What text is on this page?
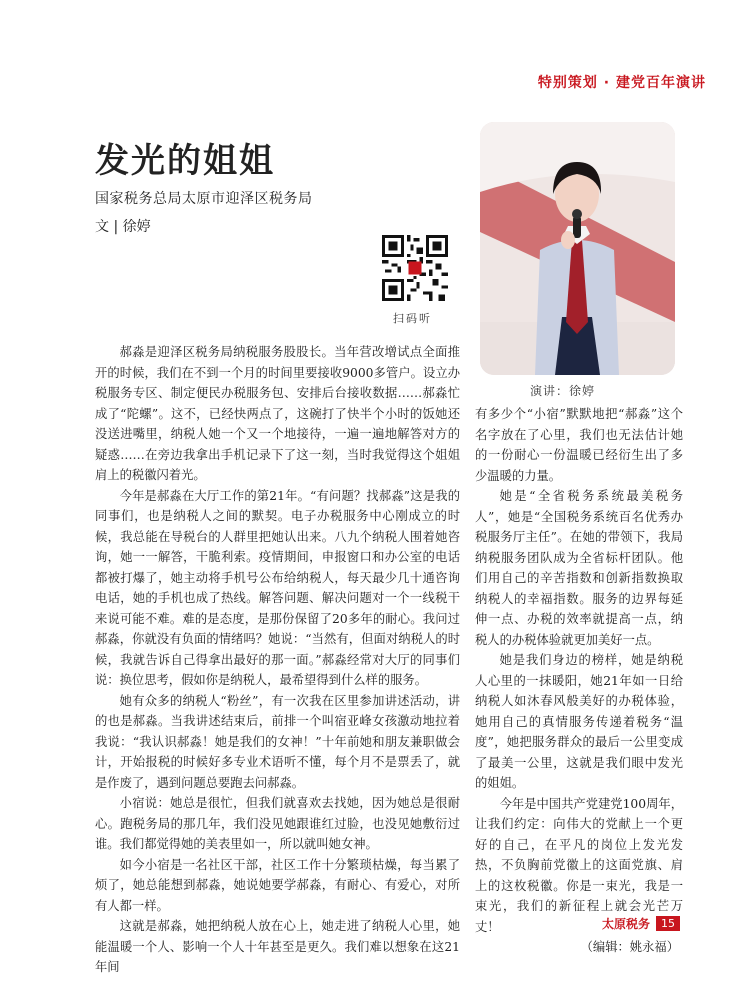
特别策划 · 建党百年演讲
发光的姐姐
国家税务总局太原市迎泽区税务局
文 | 徐婷
扫码听
演讲：徐婷

郝淼是迎泽区税务局纳税服务股股长。当年营改增试点全面推开的时候，我们在不到一个月的时间里要接收9000多管户。设立办税服务专区、制定便民办税服务包、安排后台接收数据……郝淼忙成了“陀螺”。这不，已经快两点了，这碗打了快半个小时的饭她还没送进嘴里，纳税人她一个又一个地接待，一遍一遍地解答对方的疑惑……在旁边我拿出手机记录下了这一刻，当时我觉得这个姐姐肩上的税徽闪着光。

今年是郝淼在大厅工作的第21年。“有问题？找郝淼”这是我的同事们，也是纳税人之间的默契。电子办税服务中心刚成立的时候，我总能在导税台的人群里把她认出来。八九个纳税人围着她咨询，她一一解答，干脆利索。疫情期间，申报窗口和办公室的电话都被打爆了，她主动将手机号公布给纳税人，每天最少几十通咨询电话，她的手机也成了热线。解答问题、解决问题对一个一线税干来说可能不难。难的是态度，是那份保留了20多年的耐心。我问过郝淼，你就没有负面的情绪吗？她说：“当然有，但面对纳税人的时候，我就告诉自己得拿出最好的那一面。”郝淼经常对大厅的同事们说：换位思考，假如你是纳税人，最希望得到什么样的服务。

她有众多的纳税人“粉丝”，有一次我在区里参加讲述活动，讲的也是郝淼。当我讲述结束后，前排一个叫宿亚峰女孩激动地拉着我说：“我认识郝淼！她是我们的女神！”十年前她和朋友兼职做会计，开始报税的时候好多专业术语听不懂，每个月不是票丢了，就是作废了，遇到问题总要跑去问郝淼。

小宿说：她总是很忙，但我们就喜欢去找她，因为她总是很耐心。跑税务局的那几年，我们没见她跟谁红过脸，也没见她敷衍过谁。我们都觉得她的美表里如一，所以就叫她女神。

如今小宿是一名社区干部，社区工作十分繁琐枯燥，每当累了烦了，她总能想到郝淼，她说她要学郝淼，有耐心、有爱心，对所有人都一样。

这就是郝淼，她把纳税人放在心上，她走进了纳税人心里，她能温暖一个人、影响一个人十年甚至是更久。我们难以想象在这21年间

有多少个“小宿”默默地把“郝淼”这个名字放在了心里，我们也无法估计她的一份耐心一份温暖已经衍生出了多少温暖的力量。

她是“全省税务系统最美税务人”，她是“全国税务系统百名优秀办税服务厅主任”。在她的带领下，我局纳税服务团队成为全省标杆团队。他们用自己的辛苦指数和创新指数换取纳税人的幸福指数。服务的边界每延伸一点、办税的效率就提高一点，纳税人的办税体验就更加美好一点。

她是我们身边的榜样，她是纳税人心里的一抹暖阳，她21年如一日给纳税人如沐春风般美好的办税体验，她用自己的真情服务传递着税务“温度”，她把服务群众的最后一公里变成了最美一公里，这就是我们眼中发光的姐姐。

今年是中国共产党建党100周年，让我们约定：向伟大的党献上一个更好的自己，在平凡的岗位上发光发热，不负胸前党徽上的这面党旗、肩上的这枚税徽。你是一束光，我是一束光，我们的新征程上就会光芒万丈！

（编辑：姚永福）

太原税务	15
